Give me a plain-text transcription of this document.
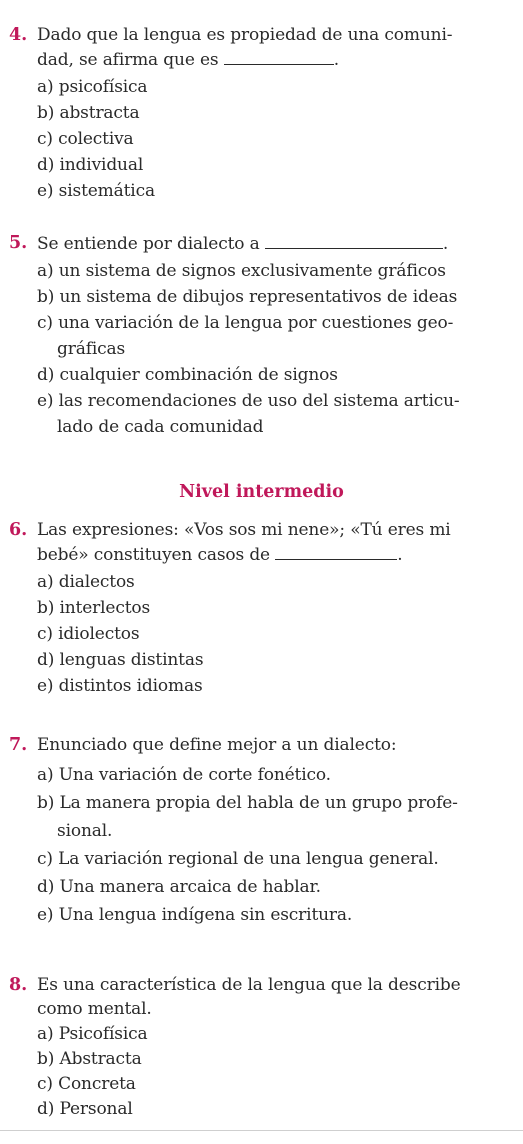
4. Dado que la lengua es propiedad de una comuni-
dad, se afirma que es	.
a) psicofísica
b) abstracta
c) colectiva
d) individual
e) sistemática
5. Se entiende por dialecto a	.
a) un sistema de signos exclusivamente gráficos
b) un sistema de dibujos representativos de ideas
c) una variación de la lengua por cuestiones geo-
gráficas
d) cualquier combinación de signos
e) las recomendaciones de uso del sistema articu-
lado de cada comunidad
Nivel intermedio
6. Las expresiones: «Vos sos mi nene»; «Tú eres mi
bebé» constituyen casos de	.
a) dialectos
b) interlectos
c) idiolectos
d) lenguas distintas
e) distintos idiomas
7. Enunciado que define mejor a un dialecto:
a) Una variación de corte fonético.
b) La manera propia del habla de un grupo profe-
sional.
c) La variación regional de una lengua general.
d) Una manera arcaica de hablar.
e) Una lengua indígena sin escritura.
8. Es una característica de la lengua que la describe
como mental.
a) Psicofísica
b) Abstracta
c) Concreta
d) Personal
